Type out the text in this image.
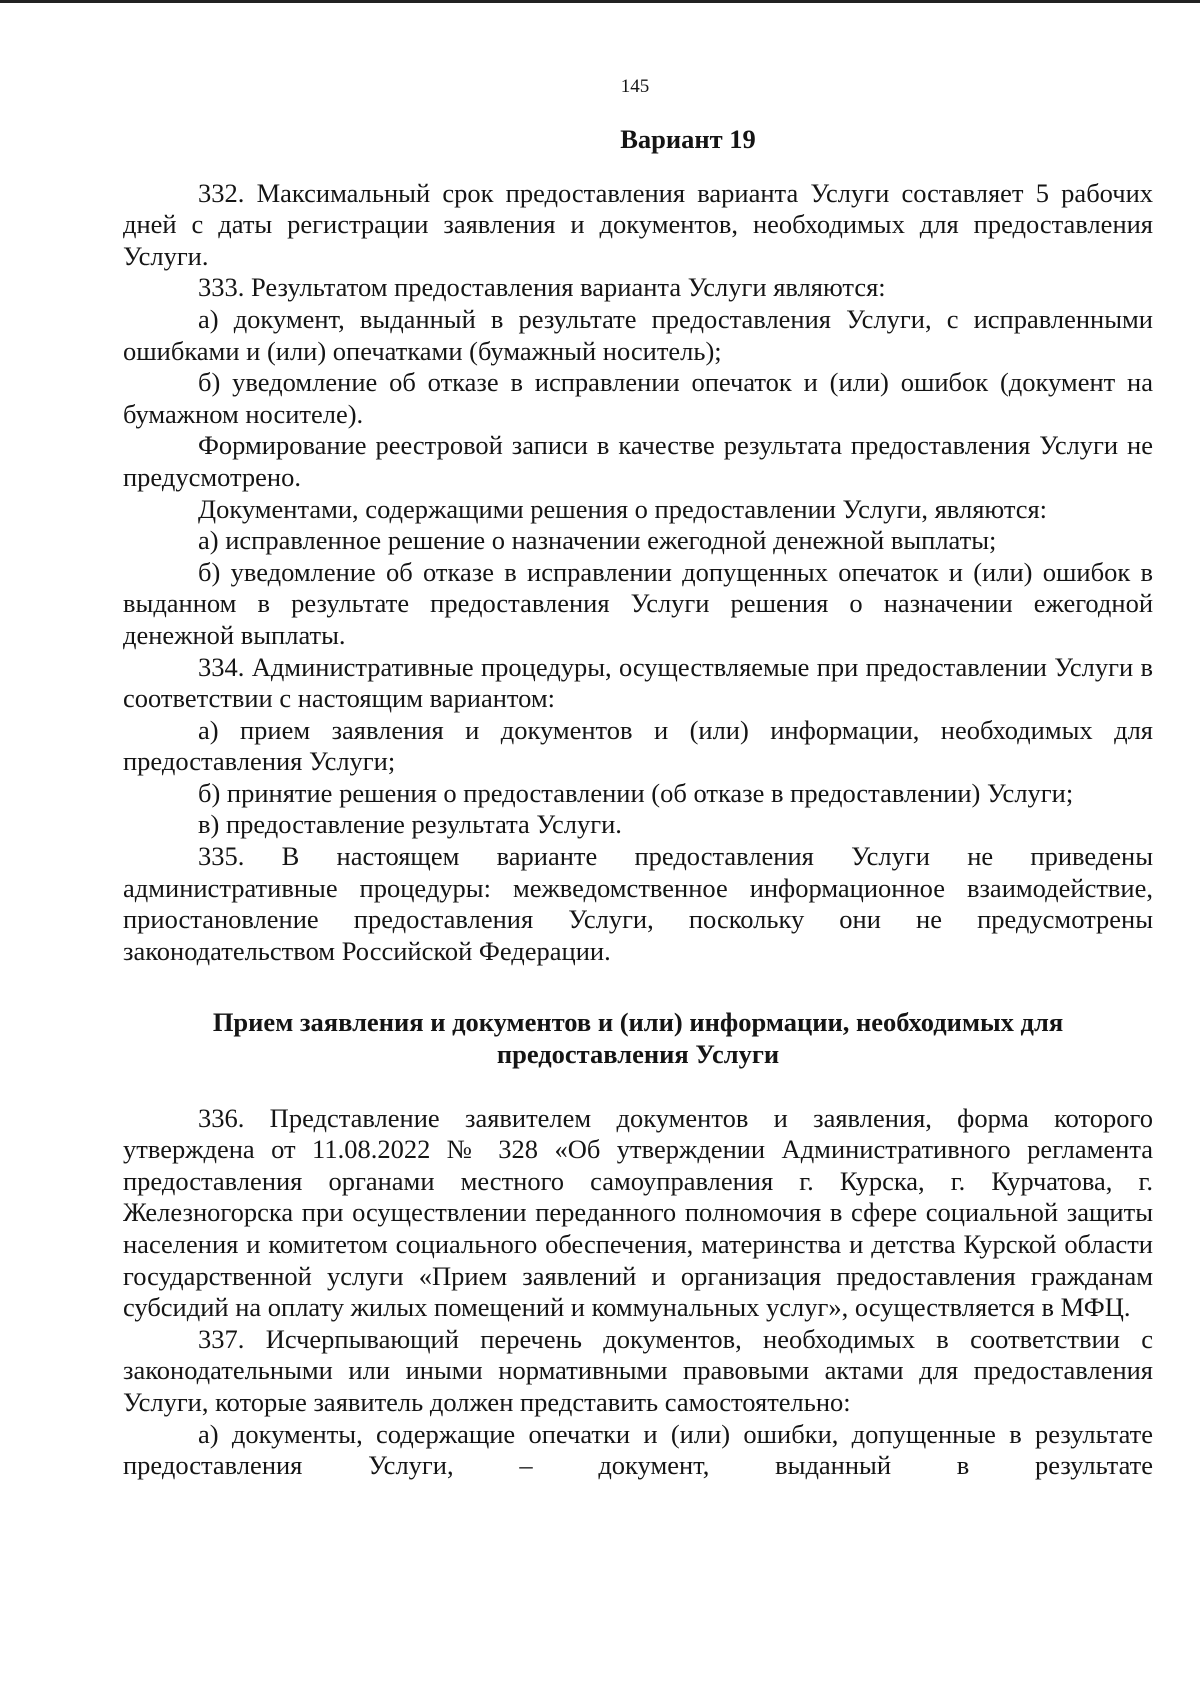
145

Вариант 19

332. Максимальный срок предоставления варианта Услуги составляет 5 рабочих дней с даты регистрации заявления и документов, необходимых для предоставления Услуги.

333. Результатом предоставления варианта Услуги являются:

а) документ, выданный в результате предоставления Услуги, с исправленными ошибками и (или) опечатками (бумажный носитель);

б) уведомление об отказе в исправлении опечаток и (или) ошибок (документ на бумажном носителе).

Формирование реестровой записи в качестве результата предоставления Услуги не предусмотрено.

Документами, содержащими решения о предоставлении Услуги, являются:

а) исправленное решение о назначении ежегодной денежной выплаты;

б) уведомление об отказе в исправлении допущенных опечаток и (или) ошибок в выданном в результате предоставления Услуги решения о назначении ежегодной денежной выплаты.

334. Административные процедуры, осуществляемые при предоставлении Услуги в соответствии с настоящим вариантом:

а) прием заявления и документов и (или) информации, необходимых для предоставления Услуги;

б) принятие решения о предоставлении (об отказе в предоставлении) Услуги;

в) предоставление результата Услуги.

335. В настоящем варианте предоставления Услуги не приведены административные процедуры: межведомственное информационное взаимодействие, приостановление предоставления Услуги, поскольку они не предусмотрены законодательством Российской Федерации.

Прием заявления и документов и (или) информации, необходимых для предоставления Услуги

336. Представление заявителем документов и заявления, форма которого утверждена от 11.08.2022 № 328 «Об утверждении Административного регламента предоставления органами местного самоуправления г. Курска, г. Курчатова, г. Железногорска при осуществлении переданного полномочия в сфере социальной защиты населения и комитетом социального обеспечения, материнства и детства Курской области государственной услуги «Прием заявлений и организация предоставления гражданам субсидий на оплату жилых помещений и коммунальных услуг», осуществляется в МФЦ.

337. Исчерпывающий перечень документов, необходимых в соответствии с законодательными или иными нормативными правовыми актами для предоставления Услуги, которые заявитель должен представить самостоятельно:

а) документы, содержащие опечатки и (или) ошибки, допущенные в результате предоставления Услуги, – документ, выданный в результате
